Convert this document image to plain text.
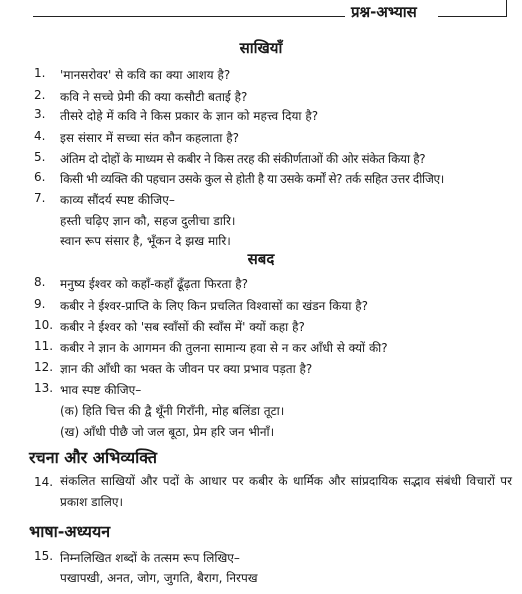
प्रश्न-अभ्यास
साखियाँ
1. 'मानसरोवर' से कवि का क्या आशय है?
2. कवि ने सच्चे प्रेमी की क्या कसौटी बताई है?
3. तीसरे दोहे में कवि ने किस प्रकार के ज्ञान को महत्त्व दिया है?
4. इस संसार में सच्चा संत कौन कहलाता है?
5. अंतिम दो दोहों के माध्यम से कबीर ने किस तरह की संकीर्णताओं की ओर संकेत किया है?
6. किसी भी व्यक्ति की पहचान उसके कुल से होती है या उसके कर्मों से? तर्क सहित उत्तर दीजिए।
7. काव्य सौंदर्य स्पष्ट कीजिए–
हस्ती चढ़िए ज्ञान कौ, सहज दुलीचा डारि।
स्वान रूप संसार है, भूँकन दे झख मारि।
सबद
8. मनुष्य ईश्वर को कहाँ-कहाँ ढूँढ़ता फिरता है?
9. कबीर ने ईश्वर-प्राप्ति के लिए किन प्रचलित विश्वासों का खंडन किया है?
10. कबीर ने ईश्वर को 'सब स्वाँसों की स्वाँस में' क्यों कहा है?
11. कबीर ने ज्ञान के आगमन की तुलना सामान्य हवा से न कर आँधी से क्यों की?
12. ज्ञान की आँधी का भक्त के जीवन पर क्या प्रभाव पड़ता है?
13. भाव स्पष्ट कीजिए–
(क) हिति चित्त की द्वै थूँनी गिराँनी, मोह बलिंडा तूटा।
(ख) आँधी पीछै जो जल बूठा, प्रेम हरि जन भीनाँ।
रचना और अभिव्यक्ति
14. संकलित साखियों और पदों के आधार पर कबीर के धार्मिक और सांप्रदायिक सद्भाव संबंधी विचारों पर प्रकाश डालिए।
भाषा-अध्ययन
15. निम्नलिखित शब्दों के तत्सम रूप लिखिए–
पखापखी, अनत, जोग, जुगति, बैराग, निरपख
